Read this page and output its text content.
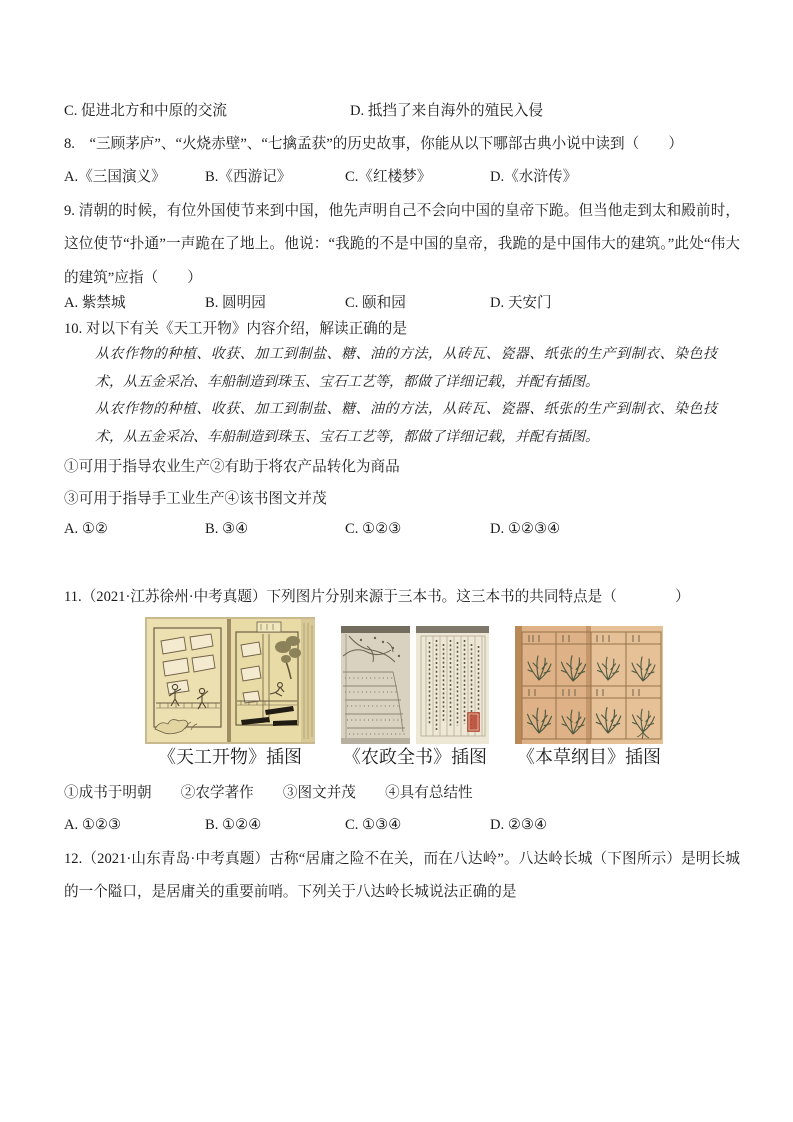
C. 促进北方和中原的交流	D. 抵挡了来自海外的殖民入侵

8.　“三顾茅庐”、“火烧赤壁”、“七擒孟获”的历史故事，你能从以下哪部古典小说中读到（　　）

A.《三国演义》	B.《西游记》	C.《红楼梦》	D.《水浒传》

9. 清朝的时候，有位外国使节来到中国，他先声明自己不会向中国的皇帝下跪。但当他走到太和殿前时，这位使节“扑通”一声跪在了地上。他说：“我跪的不是中国的皇帝，我跪的是中国伟大的建筑。”此处“伟大的建筑”应指（　　）

A. 紫禁城	B. 圆明园	C. 颐和园	D. 天安门

10. 对以下有关《天工开物》内容介绍，解读正确的是

从农作物的种植、收获、加工到制盐、糖、油的方法，从砖瓦、瓷器、纸张的生产到制衣、染色技术，从五金采冶、车船制造到珠玉、宝石工艺等，都做了详细记载，并配有插图。

从农作物的种植、收获、加工到制盐、糖、油的方法，从砖瓦、瓷器、纸张的生产到制衣、染色技术，从五金采冶、车船制造到珠玉、宝石工艺等，都做了详细记载，并配有插图。

①可用于指导农业生产②有助于将农产品转化为商品

③可用于指导手工业生产④该书图文并茂

A. ①②	B. ③④	C. ①②③	D. ①②③④

11.（2021·江苏徐州·中考真题）下列图片分别来源于三本书。这三本书的共同特点是（　　　　）

《天工开物》插图 《农政全书》插图 《本草纲目》插图

①成书于明朝　　②农学著作　　③图文并茂　　④具有总结性

A. ①②③	B. ①②④	C. ①③④	D. ②③④

12.（2021·山东青岛·中考真题）古称“居庸之险不在关，而在八达岭”。八达岭长城（下图所示）是明长城的一个隘口，是居庸关的重要前哨。下列关于八达岭长城说法正确的是
